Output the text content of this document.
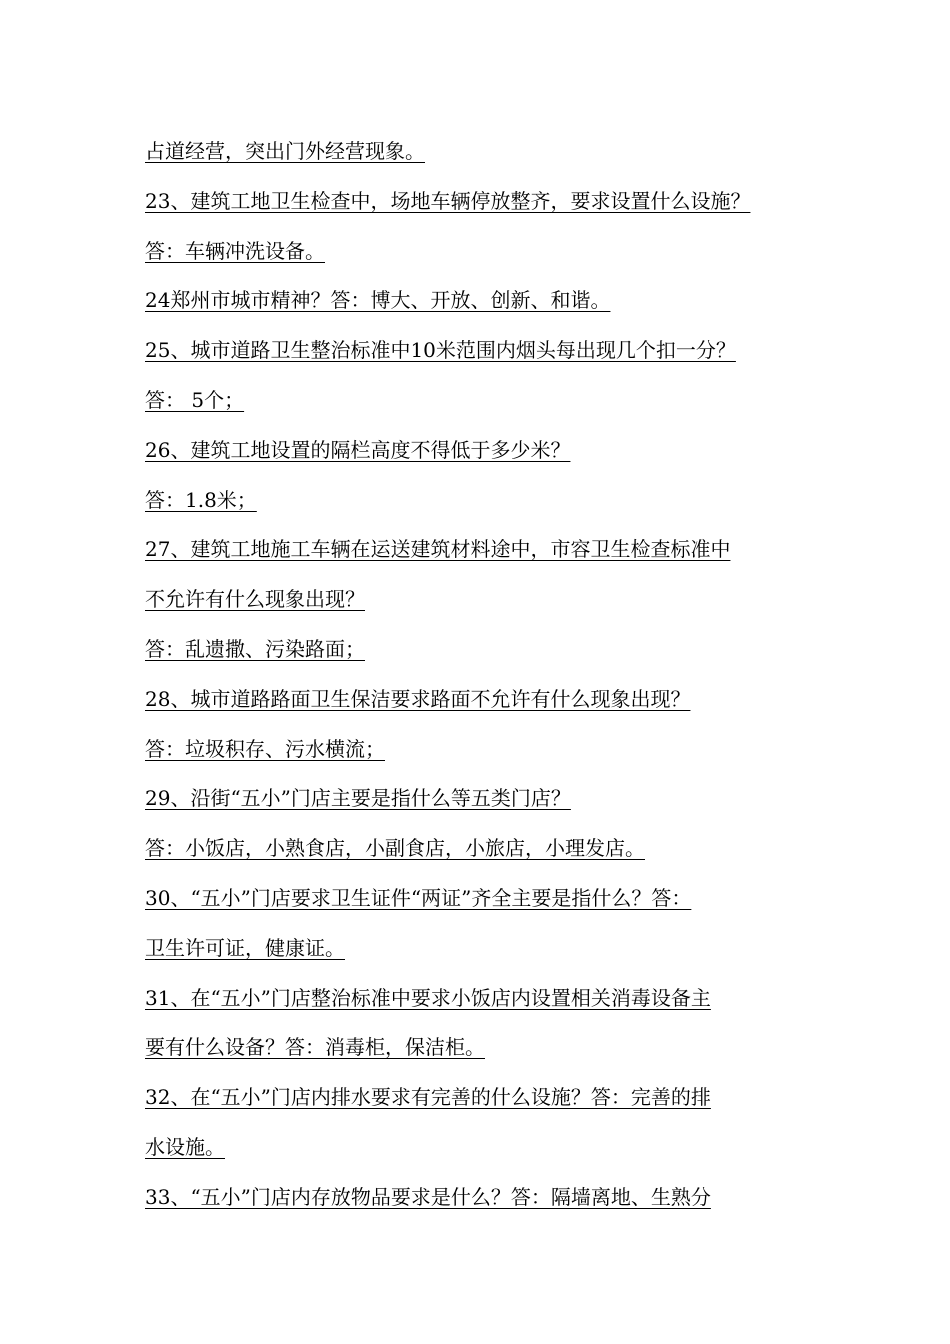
占道经营，突出门外经营现象。
23、建筑工地卫生检查中，场地车辆停放整齐，要求设置什么设施？
答：车辆冲洗设备。
24郑州市城市精神？答：博大、开放、创新、和谐。
25、城市道路卫生整治标准中10米范围内烟头每出现几个扣一分？
答： 5个；
26、建筑工地设置的隔栏高度不得低于多少米？
答：1.8米；
27、建筑工地施工车辆在运送建筑材料途中，市容卫生检查标准中
不允许有什么现象出现？
答：乱遗撒、污染路面；
28、城市道路路面卫生保洁要求路面不允许有什么现象出现？
答：垃圾积存、污水横流；
29、沿街“五小”门店主要是指什么等五类门店？
答：小饭店，小熟食店，小副食店，小旅店，小理发店。
30、“五小”门店要求卫生证件“两证”齐全主要是指什么？答：
卫生许可证，健康证。
31、在“五小”门店整治标准中要求小饭店内设置相关消毒设备主
要有什么设备？答：消毒柜，保洁柜。
32、在“五小”门店内排水要求有完善的什么设施？答：完善的排
水设施。
33、“五小”门店内存放物品要求是什么？答：隔墙离地、生熟分
